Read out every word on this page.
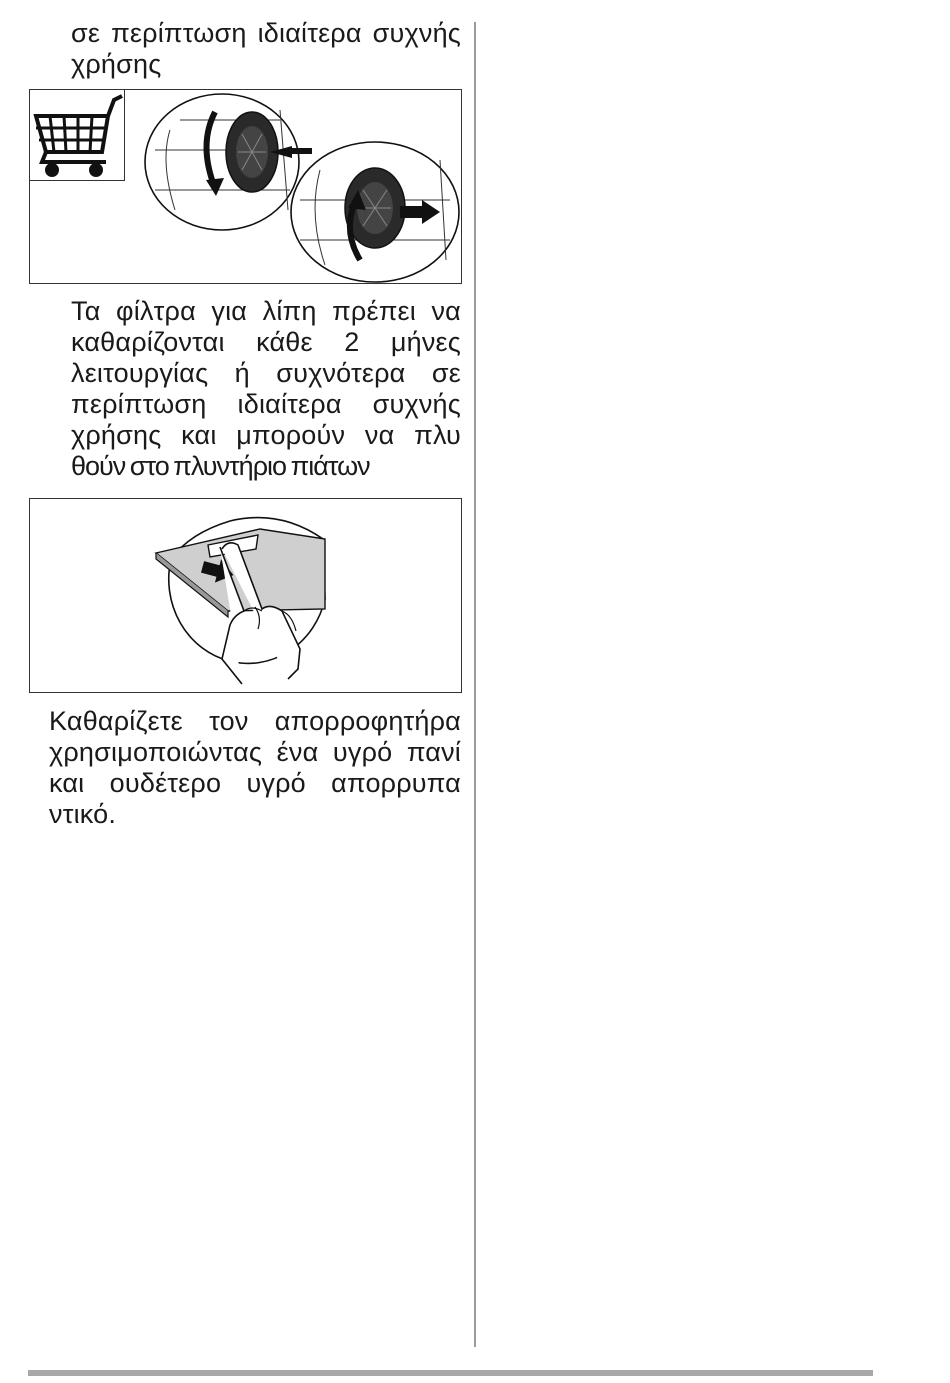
σε περίπτωση ιδιαίτερα συχνής
χρήσης
Τα φίλτρα για λίπη πρέπει να
καθαρίζονται κάθε 2 μήνες
λειτουργίας ή συχνότερα σε
περίπτωση ιδιαίτερα συχνής
χρήσης και μπορούν να πλυ
θούν στο πλυντήριο πιάτων
Καθαρίζετε τον απορροφητήρα
χρησιμοποιώντας ένα υγρό πανί
και ουδέτερο υγρό απορρυπα
ντικό.
